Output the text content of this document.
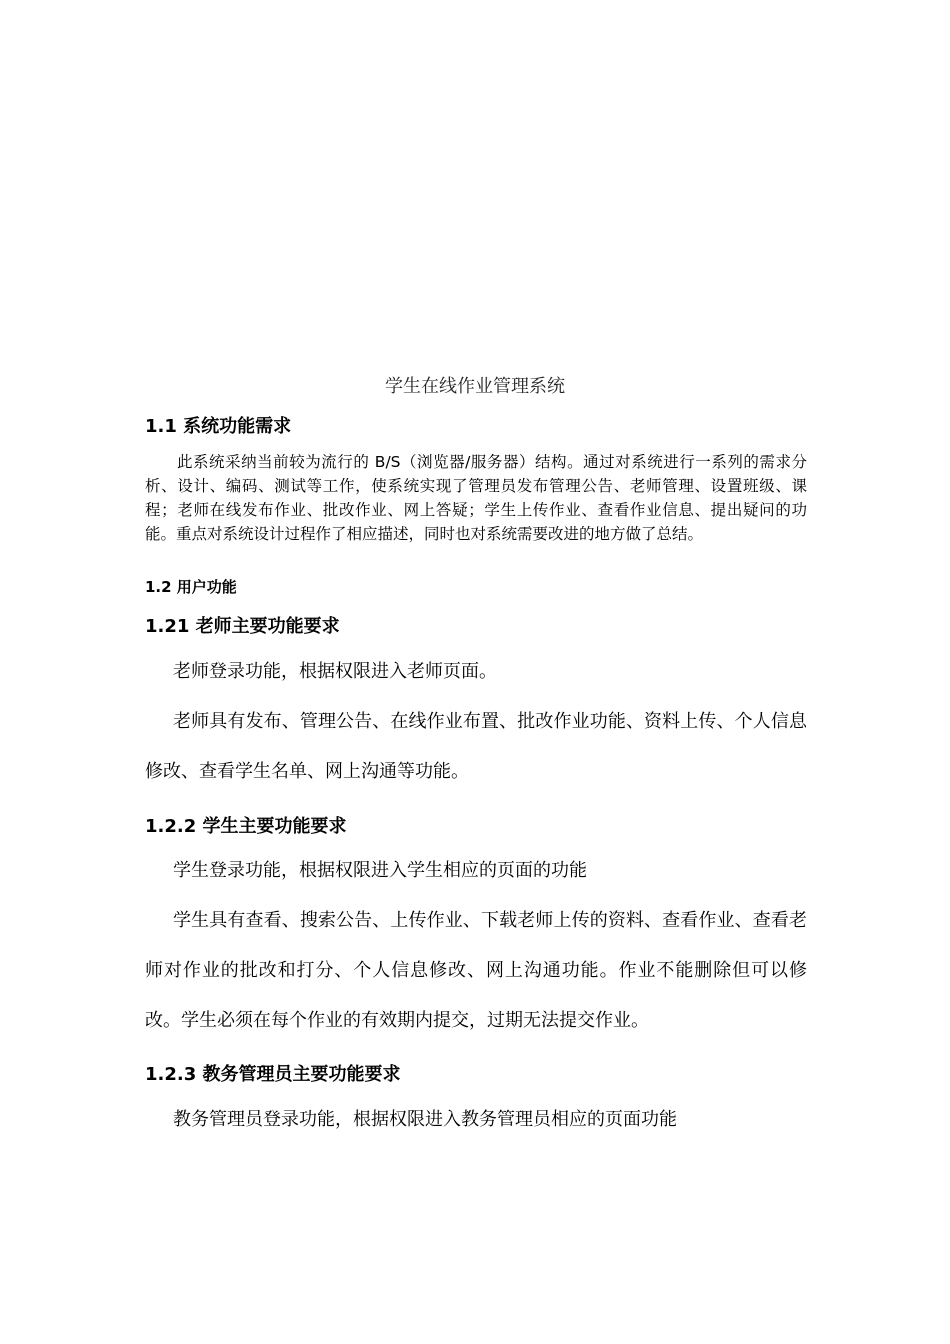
学生在线作业管理系统
1.1 系统功能需求

此系统采纳当前较为流行的 B/S（浏览器/服务器）结构。通过对系统进行一系列的需求分析、设计、编码、测试等工作，使系统实现了管理员发布管理公告、老师管理、设置班级、课程；老师在线发布作业、批改作业、网上答疑；学生上传作业、查看作业信息、提出疑问的功能。重点对系统设计过程作了相应描述，同时也对系统需要改进的地方做了总结。

1.2 用户功能
1.21 老师主要功能要求

老师登录功能，根据权限进入老师页面。

老师具有发布、管理公告、在线作业布置、批改作业功能、资料上传、个人信息修改、查看学生名单、网上沟通等功能。

1.2.2 学生主要功能要求

学生登录功能，根据权限进入学生相应的页面的功能

学生具有查看、搜索公告、上传作业、下载老师上传的资料、查看作业、查看老师对作业的批改和打分、个人信息修改、网上沟通功能。作业不能删除但可以修改。学生必须在每个作业的有效期内提交，过期无法提交作业。

1.2.3 教务管理员主要功能要求

教务管理员登录功能，根据权限进入教务管理员相应的页面功能
